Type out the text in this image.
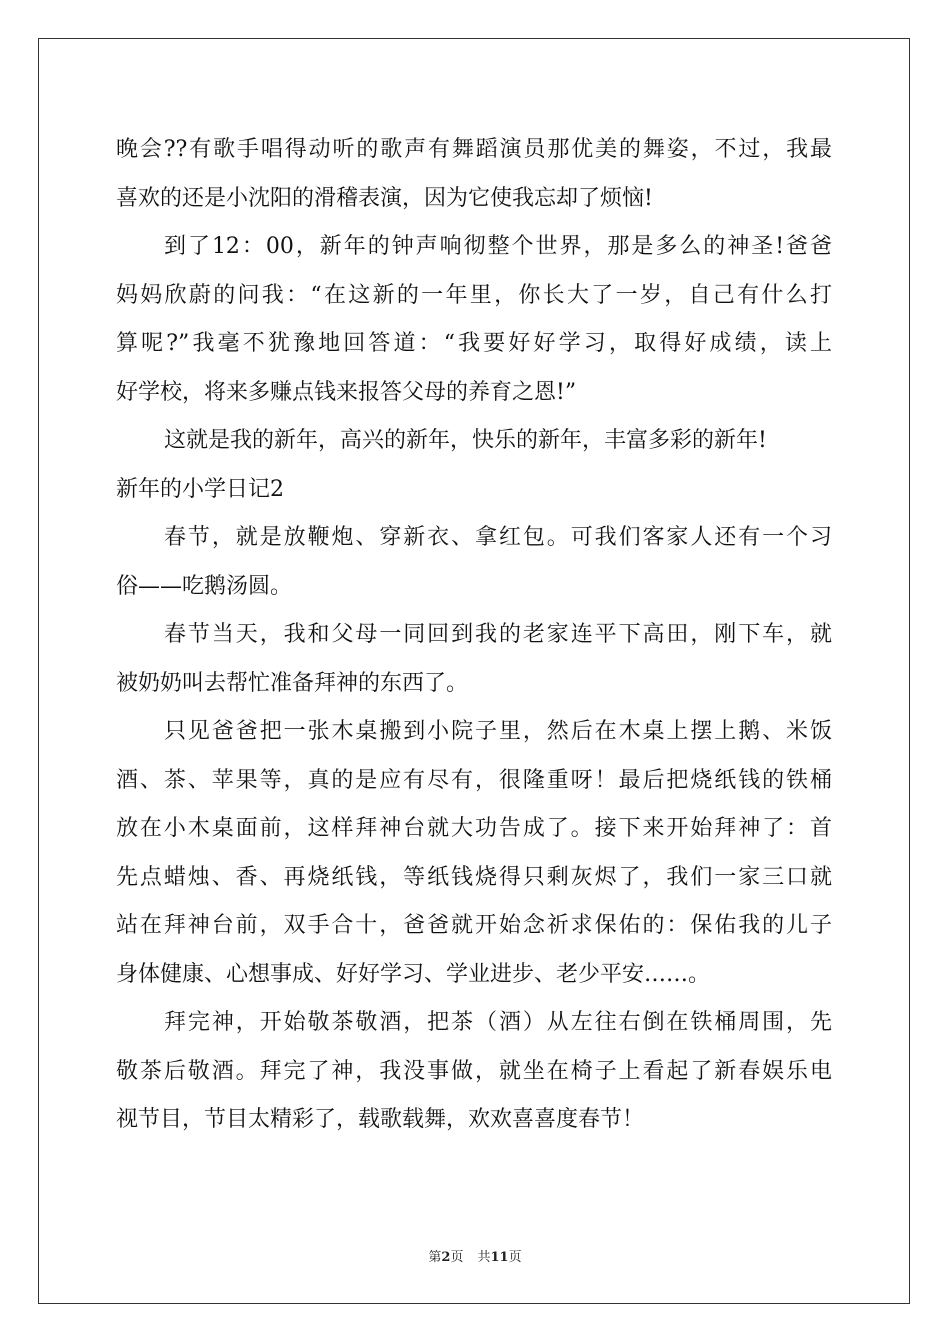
晚会??有歌手唱得动听的歌声有舞蹈演员那优美的舞姿，不过，我最
喜欢的还是小沈阳的滑稽表演，因为它使我忘却了烦恼!
到了12：00，新年的钟声响彻整个世界，那是多么的神圣!爸爸
妈妈欣蔚的问我：“在这新的一年里，你长大了一岁，自己有什么打
算呢?”我毫不犹豫地回答道：“我要好好学习，取得好成绩，读上
好学校，将来多赚点钱来报答父母的养育之恩!”
这就是我的新年，高兴的新年，快乐的新年，丰富多彩的新年!
新年的小学日记2
春节，就是放鞭炮、穿新衣、拿红包。可我们客家人还有一个习
俗——吃鹅汤圆。
春节当天，我和父母一同回到我的老家连平下高田，刚下车，就
被奶奶叫去帮忙准备拜神的东西了。
只见爸爸把一张木桌搬到小院子里，然后在木桌上摆上鹅、米饭
酒、茶、苹果等，真的是应有尽有，很隆重呀！最后把烧纸钱的铁桶
放在小木桌面前，这样拜神台就大功告成了。接下来开始拜神了：首
先点蜡烛、香、再烧纸钱，等纸钱烧得只剩灰烬了，我们一家三口就
站在拜神台前，双手合十，爸爸就开始念祈求保佑的：保佑我的儿子
身体健康、心想事成、好好学习、学业进步、老少平安……。
拜完神，开始敬茶敬酒，把茶（酒）从左往右倒在铁桶周围，先
敬茶后敬酒。拜完了神，我没事做，就坐在椅子上看起了新春娱乐电
视节目，节目太精彩了，载歌载舞，欢欢喜喜度春节！
第2页 共11页
